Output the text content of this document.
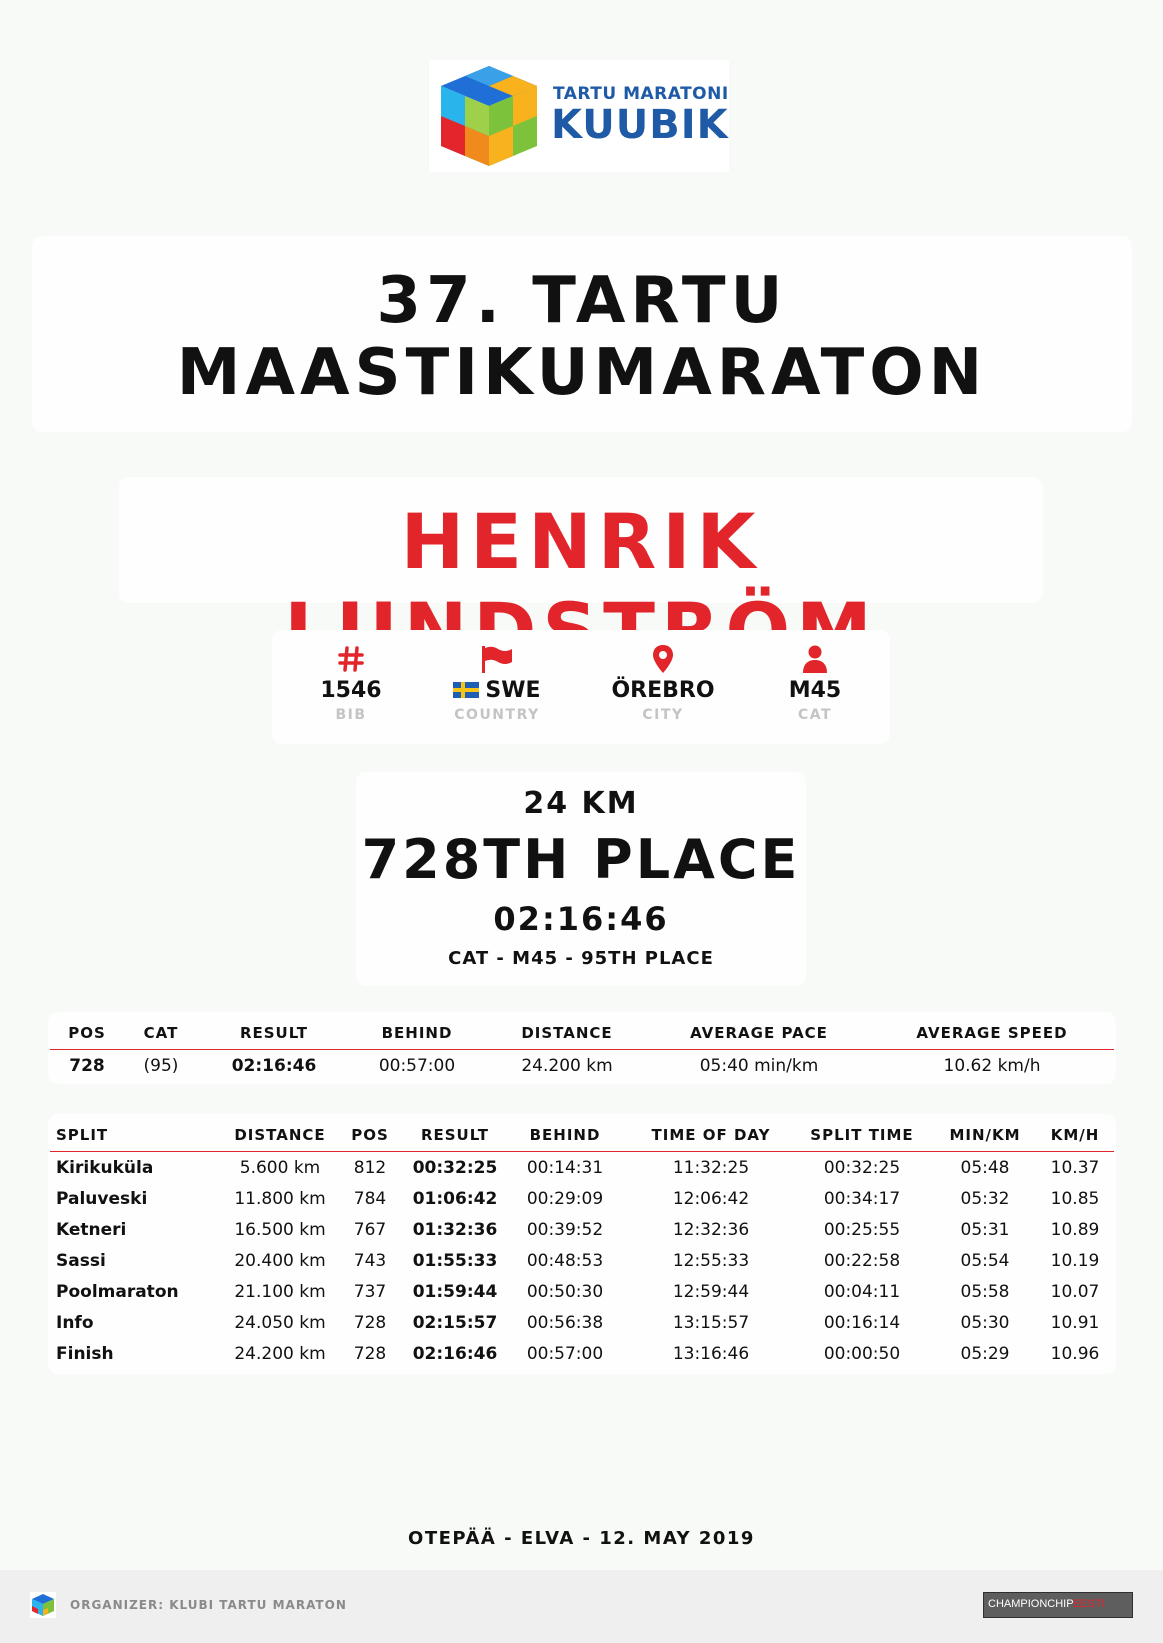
TARTU MARATONI
KUUBIK
37. TARTU
MAASTIKUMARATON
HENRIK
1546
BIB
SWE
COUNTRY
ÖREBRO
CITY
M45
CAT
24 KM
728TH PLACE
02:16:46
CAT - M45 - 95TH PLACE
POS	CAT	RESULT	BEHIND	DISTANCE	AVERAGE PACE	AVERAGE SPEED
728 (95)	02:16:46	00:57:00	24.200 km	05:40 min/km	10.62 km/h
SPLIT	DISTANCE POS RESULT	BEHIND	TIME OF DAY	SPLIT TIME MIN/KM KM/H
Kirikuküla	5.600 km 812 00:32:25 00:14:31	11:32:25	00:32:25	05:48 10.37
Paluveski	11.800 km 784 01:06:42 00:29:09	12:06:42	00:34:17	05:32 10.85
Ketneri	16.500 km 767 01:32:36 00:39:52	12:32:36	00:25:55	05:31 10.89
Sassi	20.400 km 743 01:55:33 00:48:53	12:55:33	00:22:58	05:54 10.19
Poolmaraton	21.100 km 737 01:59:44 00:50:30	12:59:44	00:04:11	05:58 10.07
Info	24.050 km 728 02:15:57 00:56:38	13:15:57	00:16:14	05:30 10.91
Finish	24.200 km 728 02:16:46 00:57:00	13:16:46	00:00:50	05:29 10.96
OTEPÄÄ - ELVA - 12. MAY 2019
ORGANIZER: KLUBI TARTU MARATON	CHAMPIONCHIP EESTI
